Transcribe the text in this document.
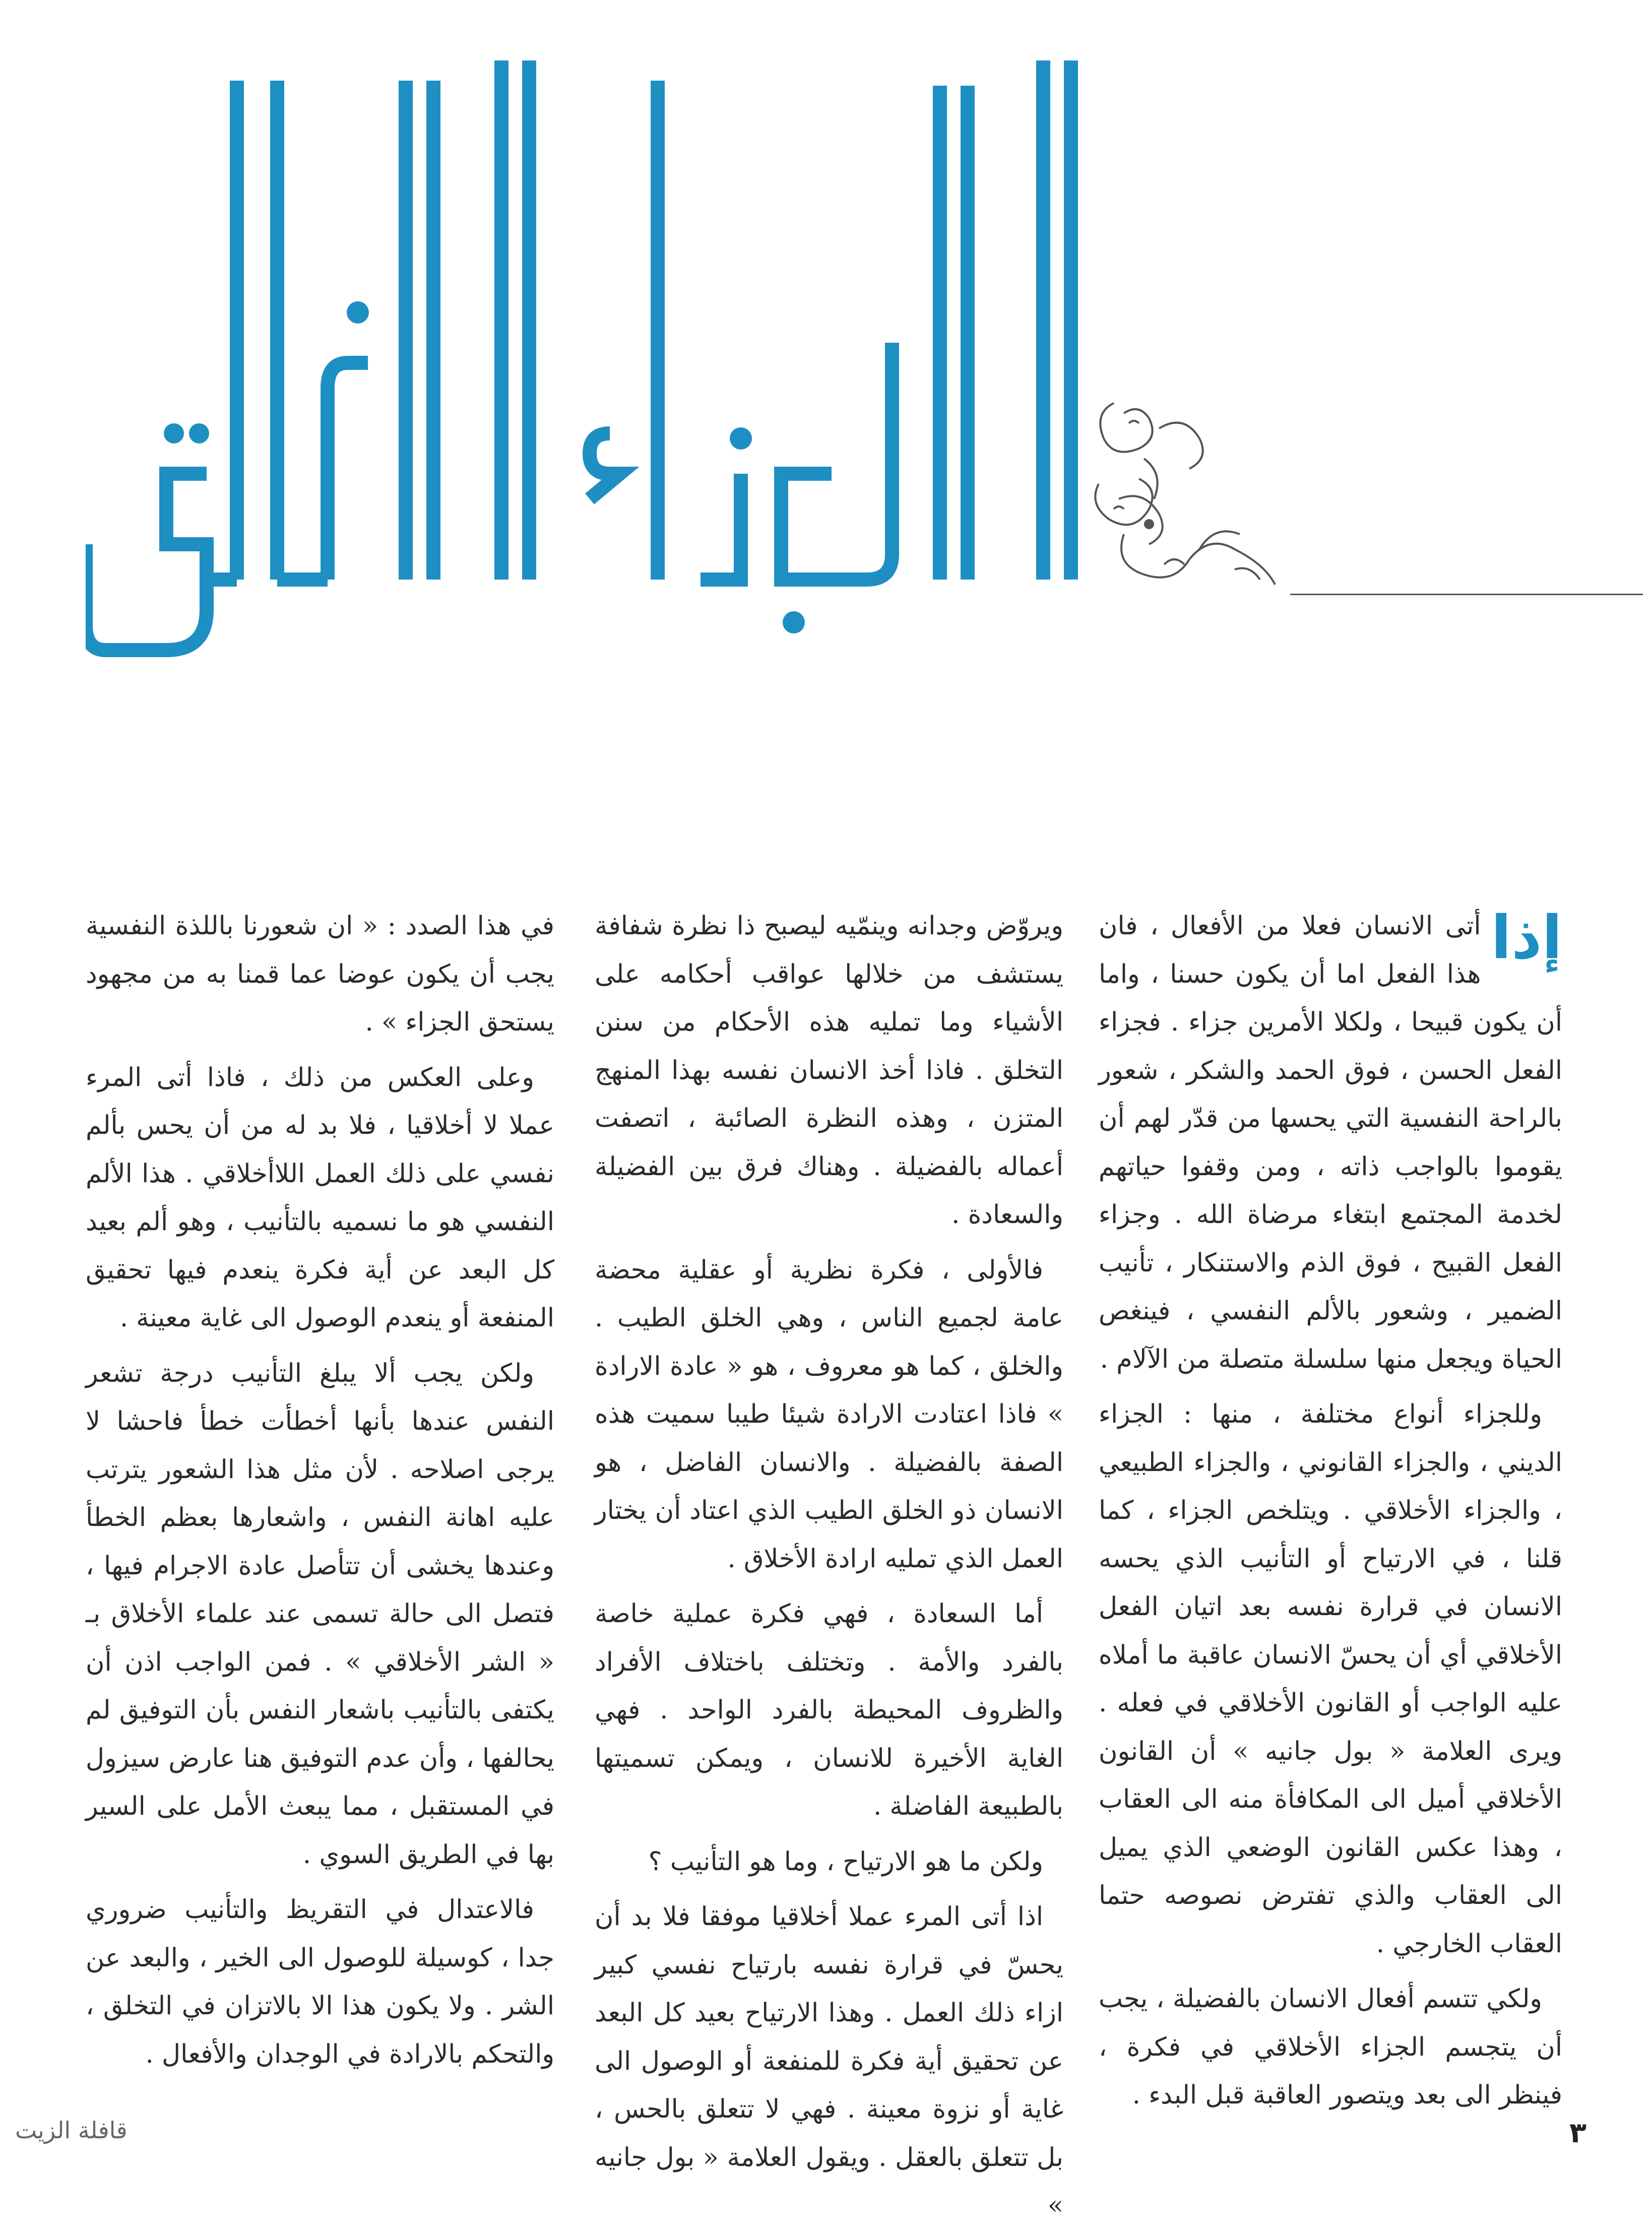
إذا
أتى الانسان فعلا من الأفعال ، فان هذا الفعل اما أن يكون حسنا ، واما أن يكون قبيحا ، ولكلا الأمرين جزاء . فجزاء الفعل الحسن ، فوق الحمد والشكر ، شعور بالراحة النفسية التي يحسها من قدّر لهم أن يقوموا بالواجب ذاته ، ومن وقفوا حياتهم لخدمة المجتمع ابتغاء مرضاة الله . وجزاء الفعل القبيح ، فوق الذم والاستنكار ، تأنيب الضمير ، وشعور بالألم النفسي ، فينغص الحياة ويجعل منها سلسلة متصلة من الآلام .

وللجزاء أنواع مختلفة ، منها : الجزاء الديني ، والجزاء القانوني ، والجزاء الطبيعي ، والجزاء الأخلاقي . ويتلخص الجزاء ، كما قلنا ، في الارتياح أو التأنيب الذي يحسه الانسان في قرارة نفسه بعد اتيان الفعل الأخلاقي أي أن يحسّ الانسان عاقبة ما أملاه عليه الواجب أو القانون الأخلاقي في فعله . ويرى العلامة « بول جانيه » أن القانون الأخلاقي أميل الى المكافأة منه الى العقاب ، وهذا عكس القانون الوضعي الذي يميل الى العقاب والذي تفترض نصوصه حتما العقاب الخارجي .

ولكي تتسم أفعال الانسان بالفضيلة ، يجب أن يتجسم الجزاء الأخلاقي في فكرة ، فينظر الى بعد ويتصور العاقبة قبل البدء .

ويروّض وجدانه وينمّيه ليصبح ذا نظرة شفافة يستشف من خلالها عواقب أحكامه على الأشياء وما تمليه هذه الأحكام من سنن التخلق . فاذا أخذ الانسان نفسه بهذا المنهج المتزن ، وهذه النظرة الصائبة ، اتصفت أعماله بالفضيلة . وهناك فرق بين الفضيلة والسعادة .

فالأولى ، فكرة نظرية أو عقلية محضة عامة لجميع الناس ، وهي الخلق الطيب . والخلق ، كما هو معروف ، هو « عادة الارادة » فاذا اعتادت الارادة شيئا طيبا سميت هذه الصفة بالفضيلة . والانسان الفاضل ، هو الانسان ذو الخلق الطيب الذي اعتاد أن يختار العمل الذي تمليه ارادة الأخلاق .

أما السعادة ، فهي فكرة عملية خاصة بالفرد والأمة . وتختلف باختلاف الأفراد والظروف المحيطة بالفرد الواحد . فهي الغاية الأخيرة للانسان ، ويمكن تسميتها بالطبيعة الفاضلة .

ولكن ما هو الارتياح ، وما هو التأنيب ؟

اذا أتى المرء عملا أخلاقيا موفقا فلا بد أن يحسّ في قرارة نفسه بارتياح نفسي كبير ازاء ذلك العمل . وهذا الارتياح بعيد كل البعد عن تحقيق أية فكرة للمنفعة أو الوصول الى غاية أو نزوة معينة . فهي لا تتعلق بالحس ، بل تتعلق بالعقل . ويقول العلامة « بول جانيه »

في هذا الصدد : « ان شعورنا باللذة النفسية يجب أن يكون عوضا عما قمنا به من مجهود يستحق الجزاء » .

وعلى العكس من ذلك ، فاذا أتى المرء عملا لا أخلاقيا ، فلا بد له من أن يحس بألم نفسي على ذلك العمل اللاأخلاقي . هذا الألم النفسي هو ما نسميه بالتأنيب ، وهو ألم بعيد كل البعد عن أية فكرة ينعدم فيها تحقيق المنفعة أو ينعدم الوصول الى غاية معينة .

ولكن يجب ألا يبلغ التأنيب درجة تشعر النفس عندها بأنها أخطأت خطأ فاحشا لا يرجى اصلاحه . لأن مثل هذا الشعور يترتب عليه اهانة النفس ، واشعارها بعظم الخطأ وعندها يخشى أن تتأصل عادة الاجرام فيها ، فتصل الى حالة تسمى عند علماء الأخلاق بـ « الشر الأخلاقي » . فمن الواجب اذن أن يكتفى بالتأنيب باشعار النفس بأن التوفيق لم يحالفها ، وأن عدم التوفيق هنا عارض سيزول في المستقبل ، مما يبعث الأمل على السير بها في الطريق السوي .

فالاعتدال في التقريظ والتأنيب ضروري جدا ، كوسيلة للوصول الى الخير ، والبعد عن الشر . ولا يكون هذا الا بالاتزان في التخلق ، والتحكم بالارادة في الوجدان والأفعال .

٣
قافلة الزيت
